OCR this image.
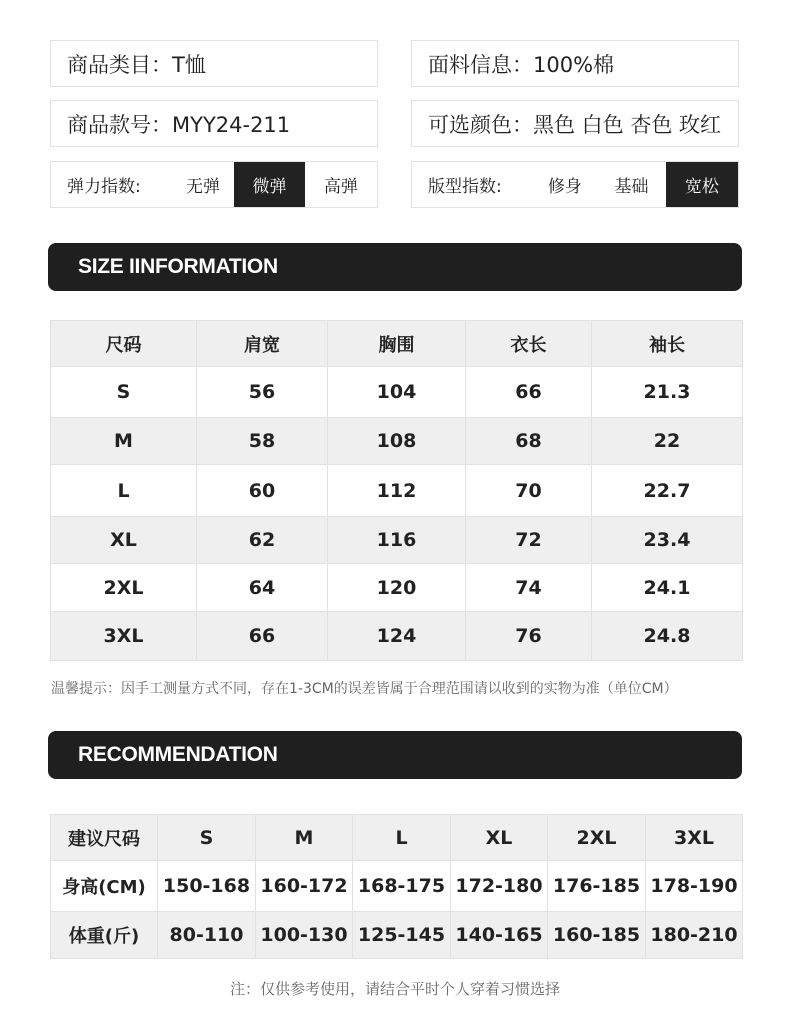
商品类目：T恤	面料信息：100%棉
商品款号：MYY24-211	可选颜色：黑色 白色 杏色 玫红
弹力指数:	无弹	微弹	高弹	版型指数:	修身	基础	宽松
SIZE IINFORMATION
尺码	肩宽	胸围	衣长	袖长
S	56	104	66	21.3
M	58	108	68	22
L	60	112	70	22.7
XL	62	116	72	23.4
2XL	64	120	74	24.1
3XL	66	124	76	24.8
温馨提示：因手工测量方式不同，存在1-3CM的误差皆属于合理范围请以收到的实物为准（单位CM）
RECOMMENDATION
建议尺码	S	M	L	XL	2XL	3XL
身高(CM)	150-168	160-172	168-175	172-180	176-185	178-190
体重(斤)	80-110	100-130	125-145	140-165	160-185	180-210
注：仅供参考使用，请结合平时个人穿着习惯选择
